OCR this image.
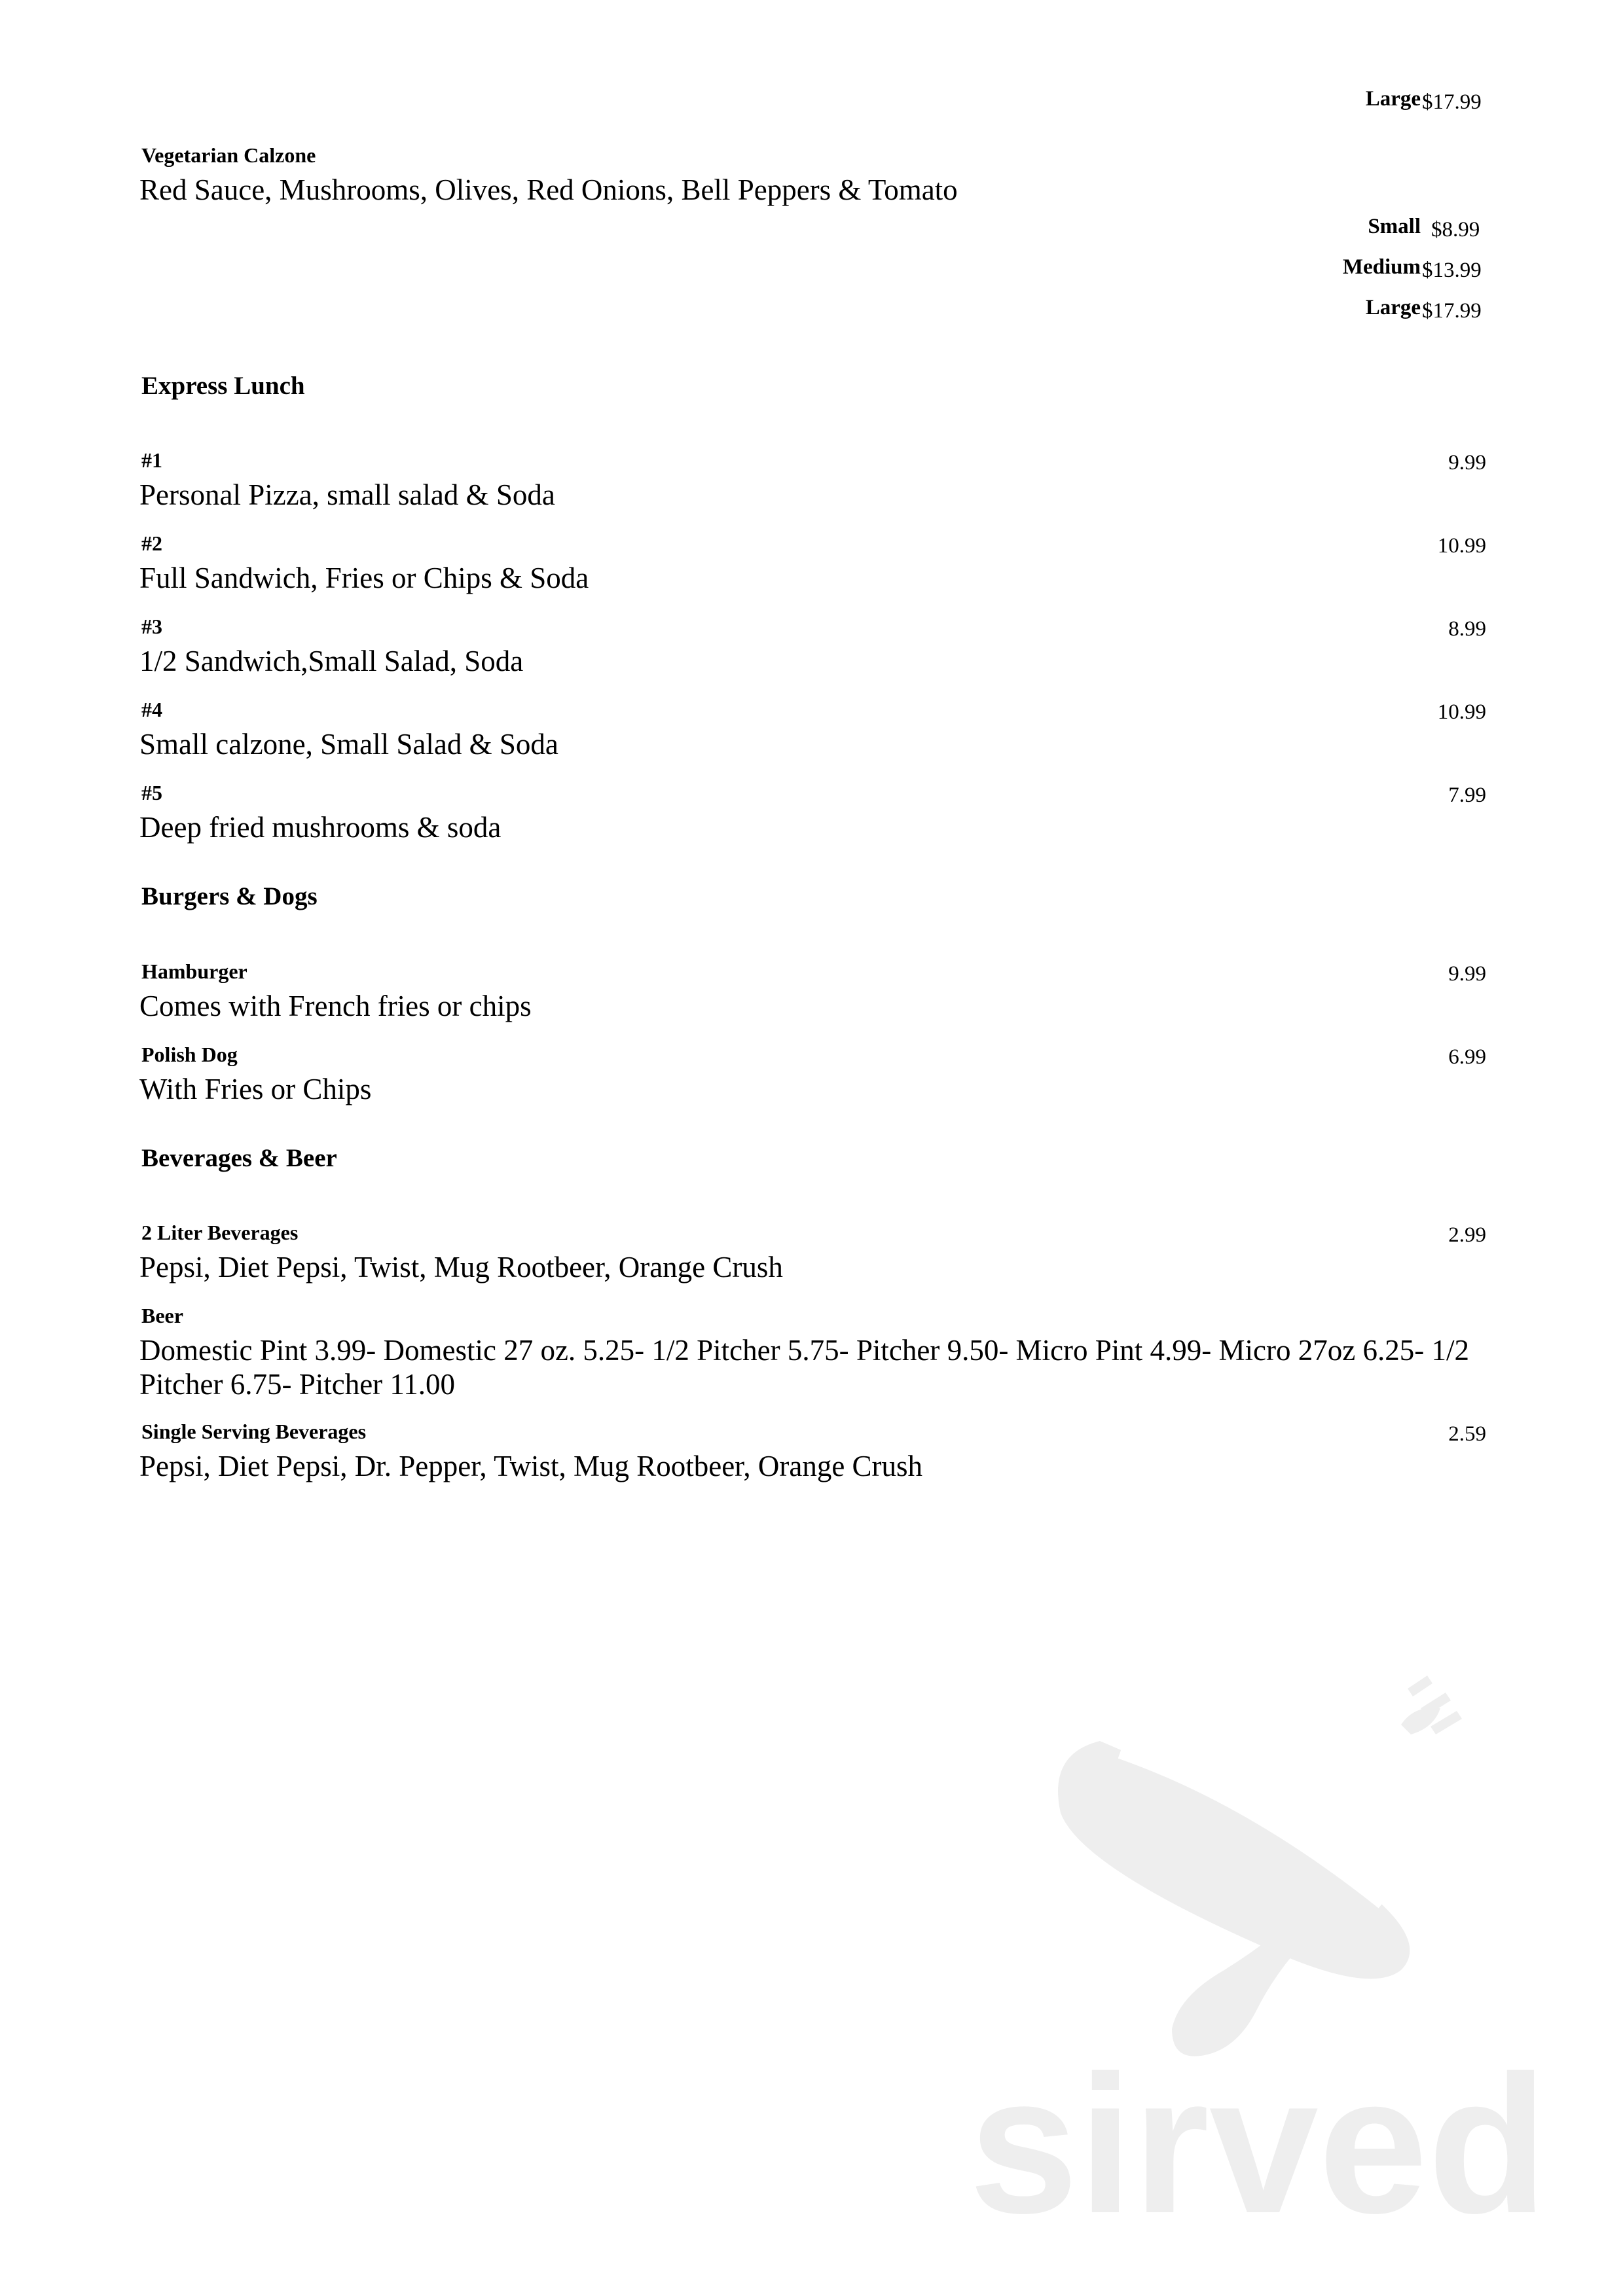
Large $17.99
Vegetarian Calzone
Red Sauce, Mushrooms, Olives, Red Onions, Bell Peppers & Tomato
Small $8.99
Medium $13.99
Large $17.99
Express Lunch
#1	9.99
Personal Pizza, small salad & Soda
#2	10.99
Full Sandwich, Fries or Chips & Soda
#3	8.99
1/2 Sandwich,Small Salad, Soda
#4	10.99
Small calzone, Small Salad & Soda
#5	7.99
Deep fried mushrooms & soda
Burgers & Dogs
Hamburger	9.99
Comes with French fries or chips
Polish Dog	6.99
With Fries or Chips
Beverages & Beer
2 Liter Beverages	2.99
Pepsi, Diet Pepsi, Twist, Mug Rootbeer, Orange Crush
Beer
Domestic Pint 3.99- Domestic 27 oz. 5.25- 1/2 Pitcher 5.75- Pitcher 9.50- Micro Pint 4.99- Micro 27oz 6.25- 1/2 Pitcher 6.75- Pitcher 11.00
Single Serving Beverages	2.59
Pepsi, Diet Pepsi, Dr. Pepper, Twist, Mug Rootbeer, Orange Crush
sirved
